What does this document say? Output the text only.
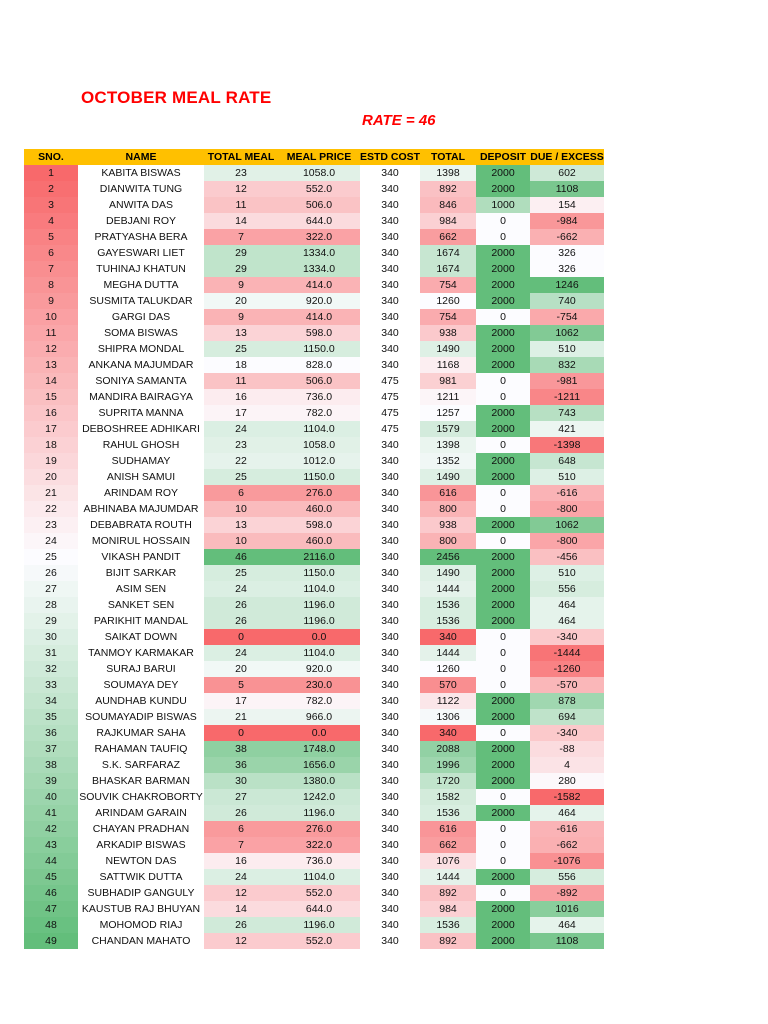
OCTOBER MEAL RATE
RATE = 46
SNO.	NAME	TOTAL MEAL	MEAL PRICE	ESTD COST	TOTAL	DEPOSIT	DUE / EXCESS
1	KABITA BISWAS	23	1058.0	340	1398	2000	602
2	DIANWITA TUNG	12	552.0	340	892	2000	1108
3	ANWITA DAS	11	506.0	340	846	1000	154
4	DEBJANI ROY	14	644.0	340	984	0	-984
5	PRATYASHA BERA	7	322.0	340	662	0	-662
6	GAYESWARI LIET	29	1334.0	340	1674	2000	326
7	TUHINAJ KHATUN	29	1334.0	340	1674	2000	326
8	MEGHA DUTTA	9	414.0	340	754	2000	1246
9	SUSMITA TALUKDAR	20	920.0	340	1260	2000	740
10	GARGI DAS	9	414.0	340	754	0	-754
11	SOMA BISWAS	13	598.0	340	938	2000	1062
12	SHIPRA MONDAL	25	1150.0	340	1490	2000	510
13	ANKANA MAJUMDAR	18	828.0	340	1168	2000	832
14	SONIYA SAMANTA	11	506.0	475	981	0	-981
15	MANDIRA BAIRAGYA	16	736.0	475	1211	0	-1211
16	SUPRITA MANNA	17	782.0	475	1257	2000	743
17	DEBOSHREE ADHIKARI	24	1104.0	475	1579	2000	421
18	RAHUL GHOSH	23	1058.0	340	1398	0	-1398
19	SUDHAMAY	22	1012.0	340	1352	2000	648
20	ANISH SAMUI	25	1150.0	340	1490	2000	510
21	ARINDAM ROY	6	276.0	340	616	0	-616
22	ABHINABA MAJUMDAR	10	460.0	340	800	0	-800
23	DEBABRATA ROUTH	13	598.0	340	938	2000	1062
24	MONIRUL HOSSAIN	10	460.0	340	800	0	-800
25	VIKASH PANDIT	46	2116.0	340	2456	2000	-456
26	BIJIT SARKAR	25	1150.0	340	1490	2000	510
27	ASIM SEN	24	1104.0	340	1444	2000	556
28	SANKET SEN	26	1196.0	340	1536	2000	464
29	PARIKHIT MANDAL	26	1196.0	340	1536	2000	464
30	SAIKAT DOWN	0	0.0	340	340	0	-340
31	TANMOY KARMAKAR	24	1104.0	340	1444	0	-1444
32	SURAJ BARUI	20	920.0	340	1260	0	-1260
33	SOUMAYA DEY	5	230.0	340	570	0	-570
34	AUNDHAB KUNDU	17	782.0	340	1122	2000	878
35	SOUMAYADIP BISWAS	21	966.0	340	1306	2000	694
36	RAJKUMAR SAHA	0	0.0	340	340	0	-340
37	RAHAMAN TAUFIQ	38	1748.0	340	2088	2000	-88
38	S.K. SARFARAZ	36	1656.0	340	1996	2000	4
39	BHASKAR BARMAN	30	1380.0	340	1720	2000	280
40	SOUVIK CHAKROBORTY	27	1242.0	340	1582	0	-1582
41	ARINDAM GARAIN	26	1196.0	340	1536	2000	464
42	CHAYAN PRADHAN	6	276.0	340	616	0	-616
43	ARKADIP BISWAS	7	322.0	340	662	0	-662
44	NEWTON DAS	16	736.0	340	1076	0	-1076
45	SATTWIK DUTTA	24	1104.0	340	1444	2000	556
46	SUBHADIP GANGULY	12	552.0	340	892	0	-892
47	KAUSTUB RAJ BHUYAN	14	644.0	340	984	2000	1016
48	MOHOMOD RIAJ	26	1196.0	340	1536	2000	464
49	CHANDAN MAHATO	12	552.0	340	892	2000	1108
